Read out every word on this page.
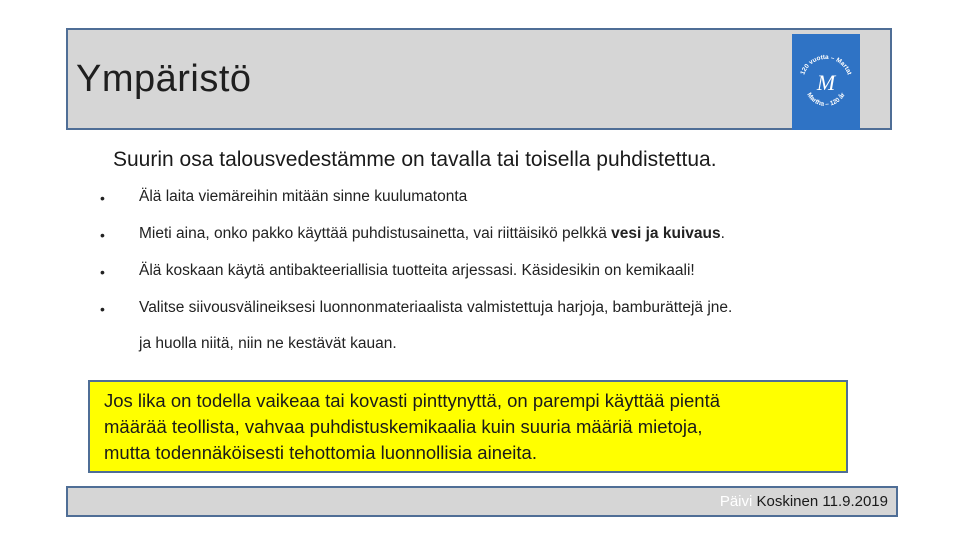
Ympäristö	120 vuotta – Martat
Martha – 120 år
M
Suurin osa talousvedestämme on tavalla tai toisella puhdistettua.
• Älä laita viemäreihin mitään sinne kuulumatonta
• Mieti aina, onko pakko käyttää puhdistusainetta, vai riittäisikö pelkkä vesi ja kuivaus.
• Älä koskaan käytä antibakteeriallisia tuotteita arjessasi. Käsidesikin on kemikaali!
• Valitse siivousvälineiksesi luonnonmateriaalista valmistettuja harjoja, bamburättejä jne.
ja huolla niitä, niin ne kestävät kauan.
Jos lika on todella vaikeaa tai kovasti pinttynyttä, on parempi käyttää pientä
määrää teollista, vahvaa puhdistuskemikaalia kuin suuria määriä mietoja,
mutta todennäköisesti tehottomia luonnollisia aineita.
Päivi Koskinen 11.9.2019
